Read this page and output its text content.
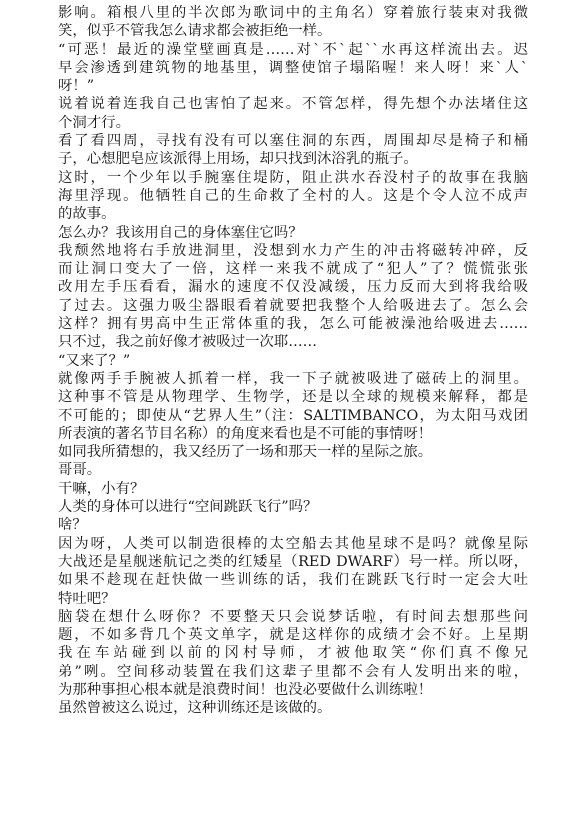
影响。箱根八里的半次郎为歌词中的主角名）穿着旅行装束对我微
笑，似乎不管我怎么请求都会被拒绝一样。
“可恶！最近的澡堂壁画真是……对`不`起``水再这样流出去。迟
早会渗透到建筑物的地基里，调整使馆子塌陷喔！来人呀！来`人`
呀！”
说着说着连我自己也害怕了起来。不管怎样，得先想个办法堵住这
个洞才行。
看了看四周，寻找有没有可以塞住洞的东西，周围却尽是椅子和桶
子，心想肥皂应该派得上用场，却只找到沐浴乳的瓶子。
这时，一个少年以手腕塞住堤防，阻止洪水吞没村子的故事在我脑
海里浮现。他牺牲自己的生命救了全村的人。这是个令人泣不成声
的故事。
怎么办？我该用自己的身体塞住它吗？
我颓然地将右手放进洞里，没想到水力产生的冲击将磁转冲碎，反
而让洞口变大了一倍，这样一来我不就成了“犯人”了？慌慌张张
改用左手压看看，漏水的速度不仅没减缓，压力反而大到将我给吸
了过去。这强力吸尘器眼看着就要把我整个人给吸进去了。怎么会
这样？拥有男高中生正常体重的我，怎么可能被澡池给吸进去……
只不过，我之前好像才被吸过一次耶……
“又来了？”
就像两手手腕被人抓着一样，我一下子就被吸进了磁砖上的洞里。
这种事不管是从物理学、生物学，还是以全球的规模来解释，都是
不可能的；即使从“艺界人生”（注：SALTIMBANCO，为太阳马戏团
所表演的著名节目名称）的角度来看也是不可能的事情呀！
如同我所猜想的，我又经历了一场和那天一样的星际之旅。
哥哥。
干嘛，小有？
人类的身体可以进行“空间跳跃飞行”吗？
啥？
因为呀，人类可以制造很棒的太空船去其他星球不是吗？就像星际
大战还是星舰迷航记之类的红矮星（RED DWARF）号一样。所以呀，
如果不趁现在赶快做一些训练的话，我们在跳跃飞行时一定会大吐
特吐吧？
脑袋在想什么呀你？不要整天只会说梦话啦，有时间去想那些问
题，不如多背几个英文单字，就是这样你的成绩才会不好。上星期
我在车站碰到以前的冈村导师，才被他取笑“你们真不像兄
弟”咧。空间移动装置在我们这辈子里都不会有人发明出来的啦，
为那种事担心根本就是浪费时间！也没必要做什么训练啦！
虽然曾被这么说过，这种训练还是该做的。
